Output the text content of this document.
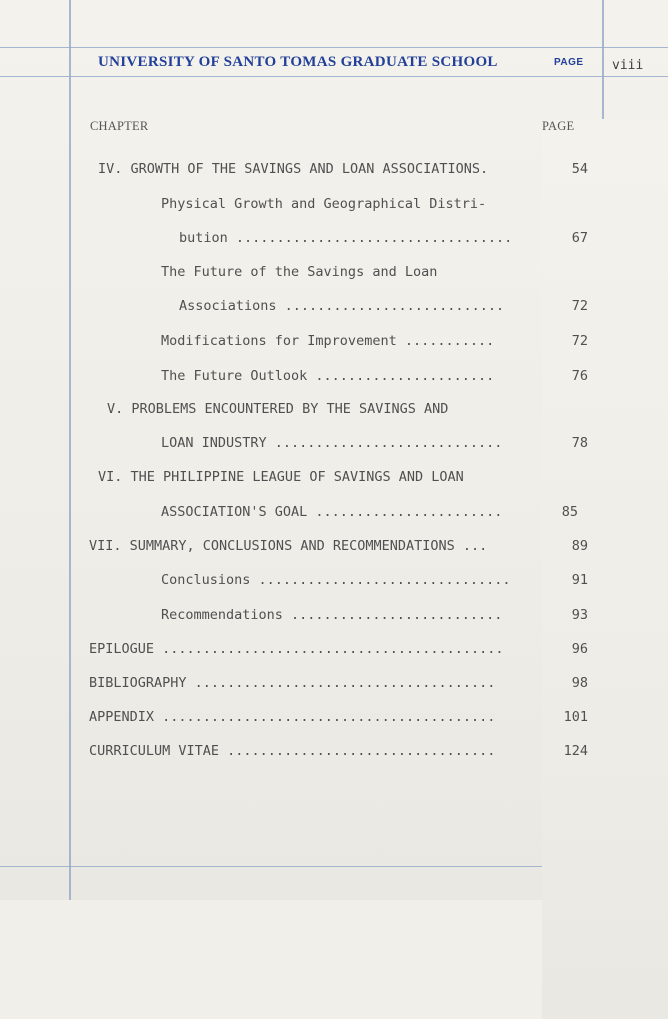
UNIVERSITY OF SANTO TOMAS GRADUATE SCHOOL	PAGE viii
CHAPTER	PAGE
IV. GROWTH OF THE SAVINGS AND LOAN ASSOCIATIONS.	54
Physical Growth and Geographical Distri-
bution ..................................	67
The Future of the Savings and Loan
Associations ...........................	72
Modifications for Improvement ...........	72
The Future Outlook ......................	76
V. PROBLEMS ENCOUNTERED BY THE SAVINGS AND
LOAN INDUSTRY ............................	78
VI. THE PHILIPPINE LEAGUE OF SAVINGS AND LOAN
ASSOCIATION'S GOAL .......................	85
VII. SUMMARY, CONCLUSIONS AND RECOMMENDATIONS ...	89
Conclusions ...............................	91
Recommendations ..........................	93
EPILOGUE ..........................................	96
BIBLIOGRAPHY .....................................	98
APPENDIX .........................................	101
CURRICULUM VITAE .................................	124
